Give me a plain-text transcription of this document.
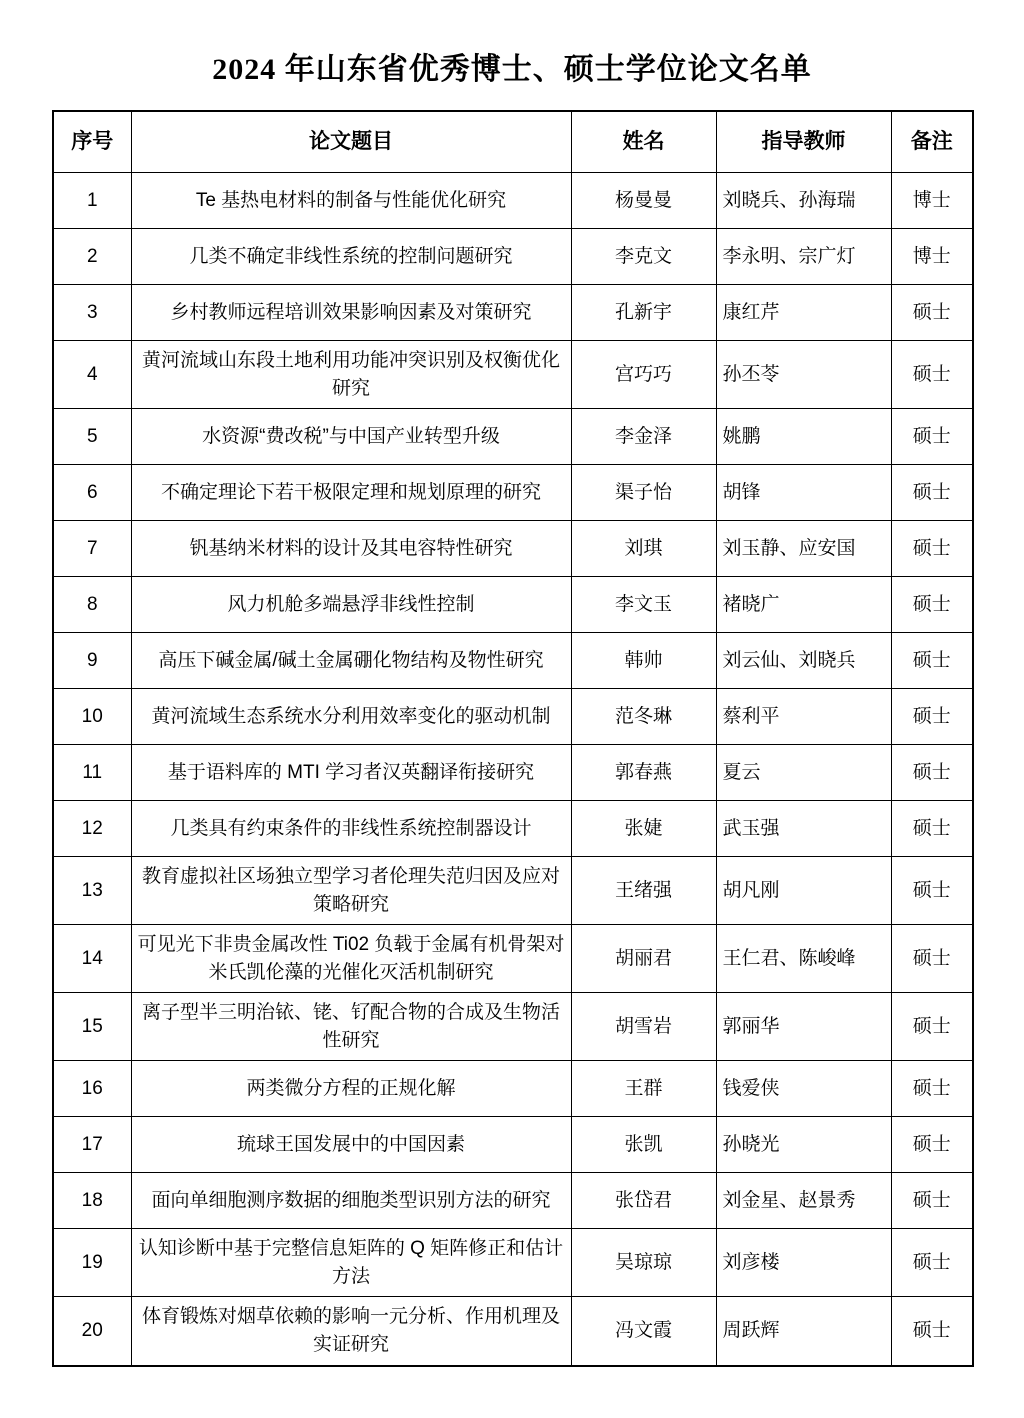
2024 年山东省优秀博士、硕士学位论文名单
序号	论文题目	姓名	指导教师	备注
1	Te 基热电材料的制备与性能优化研究	杨曼曼	刘晓兵、孙海瑞	博士
2	几类不确定非线性系统的控制问题研究	李克文	李永明、宗广灯	博士
3	乡村教师远程培训效果影响因素及对策研究	孔新宇	康红芹	硕士
4	黄河流域山东段土地利用功能冲突识别及权衡优化研究	宫巧巧	孙丕苓	硕士
5	水资源“费改税”与中国产业转型升级	李金泽	姚鹏	硕士
6	不确定理论下若干极限定理和规划原理的研究	渠子怡	胡锋	硕士
7	钒基纳米材料的设计及其电容特性研究	刘琪	刘玉静、应安国	硕士
8	风力机舱多端悬浮非线性控制	李文玉	褚晓广	硕士
9	高压下碱金属/碱土金属硼化物结构及物性研究	韩帅	刘云仙、刘晓兵	硕士
10	黄河流域生态系统水分利用效率变化的驱动机制	范冬琳	蔡利平	硕士
11	基于语料库的 MTI 学习者汉英翻译衔接研究	郭春燕	夏云	硕士
12	几类具有约束条件的非线性系统控制器设计	张婕	武玉强	硕士
13	教育虚拟社区场独立型学习者伦理失范归因及应对策略研究	王绪强	胡凡刚	硕士
14	可见光下非贵金属改性 Ti02 负载于金属有机骨架对米氏凯伦藻的光催化灭活机制研究	胡丽君	王仁君、陈峻峰	硕士
15	离子型半三明治铱、铑、钌配合物的合成及生物活性研究	胡雪岩	郭丽华	硕士
16	两类微分方程的正规化解	王群	钱爱侠	硕士
17	琉球王国发展中的中国因素	张凯	孙晓光	硕士
18	面向单细胞测序数据的细胞类型识别方法的研究	张岱君	刘金星、赵景秀	硕士
19	认知诊断中基于完整信息矩阵的 Q 矩阵修正和估计方法	吴琼琼	刘彦楼	硕士
20	体育锻炼对烟草依赖的影响一元分析、作用机理及实证研究	冯文霞	周跃辉	硕士
